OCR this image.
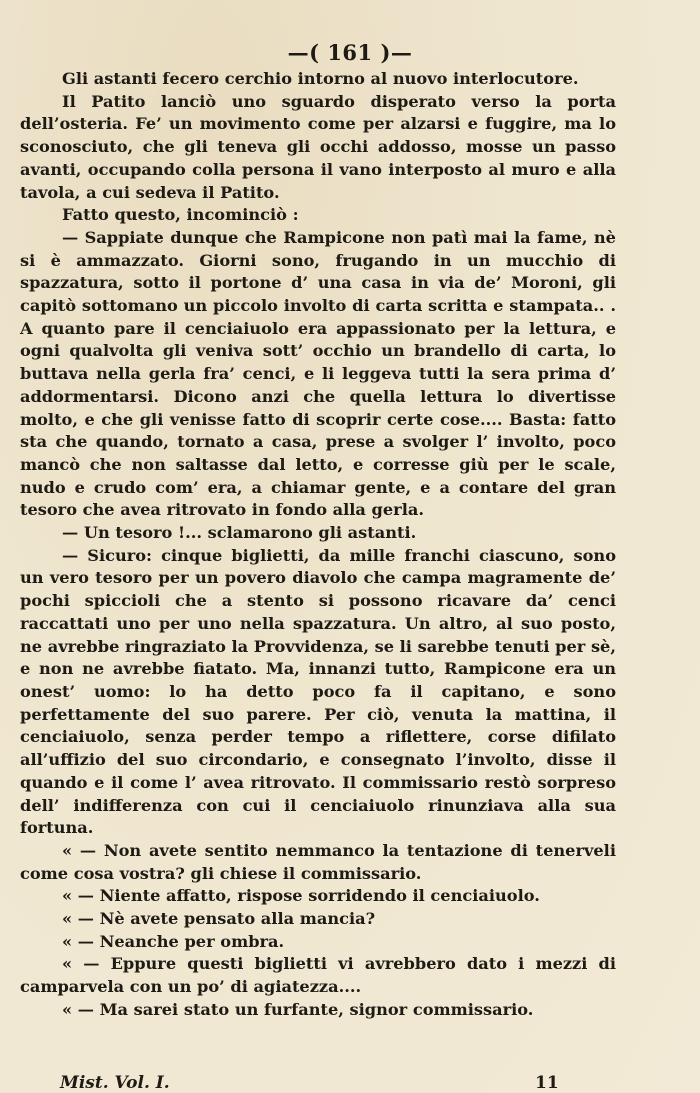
—( 161 )—

Gli astanti fecero cerchio intorno al nuovo interlocutore.

Il Patito lanciò uno sguardo disperato verso la porta dell’osteria. Fe’ un movimento come per alzarsi e fuggire, ma lo sconosciuto, che gli teneva gli occhi addosso, mosse un passo avanti, occupando colla persona il vano interposto al muro e alla tavola, a cui sedeva il Patito.

Fatto questo, incominciò :

— Sappiate dunque che Rampicone non patì mai la fame, nè si è ammazzato. Giorni sono, frugando in un mucchio di spazzatura, sotto il portone d’ una casa in via de’ Moroni, gli capitò sottomano un piccolo involto di carta scritta e stampata.. . A quanto pare il cenciaiuolo era appassionato per la lettura, e ogni qualvolta gli veniva sott’ occhio un brandello di carta, lo buttava nella gerla fra’ cenci, e li leggeva tutti la sera prima d’ addormentarsi. Dicono anzi che quella lettura lo divertisse molto, e che gli venisse fatto di scoprir certe cose.... Basta: fatto sta che quando, tornato a casa, prese a svolger l’ involto, poco mancò che non saltasse dal letto, e corresse giù per le scale, nudo e crudo com’ era, a chiamar gente, e a contare del gran tesoro che avea ritrovato in fondo alla gerla.

— Un tesoro !... sclamarono gli astanti.

— Sicuro: cinque biglietti, da mille franchi ciascuno, sono un vero tesoro per un povero diavolo che campa magramente de’ pochi spiccioli che a stento si possono ricavare da’ cenci raccattati uno per uno nella spazzatura. Un altro, al suo posto, ne avrebbe ringraziato la Provvidenza, se li sarebbe tenuti per sè, e non ne avrebbe fiatato. Ma, innanzi tutto, Rampicone era un onest’ uomo: lo ha detto poco fa il capitano, e sono perfettamente del suo parere. Per ciò, venuta la mattina, il cenciaiuolo, senza perder tempo a riflettere, corse difilato all’uffizio del suo circondario, e consegnato l’involto, disse il quando e il come l’ avea ritrovato. Il commissario restò sorpreso dell’ indifferenza con cui il cenciaiuolo rinunziava alla sua fortuna.

« — Non avete sentito nemmanco la tentazione di tenerveli come cosa vostra? gli chiese il commissario.

« — Niente affatto, rispose sorridendo il cenciaiuolo.

« — Nè avete pensato alla mancia?

« — Neanche per ombra.

« — Eppure questi biglietti vi avrebbero dato i mezzi di camparvela con un po’ di agiatezza....

« — Ma sarei stato un furfante, signor commissario.

Mist. Vol. I.	11
